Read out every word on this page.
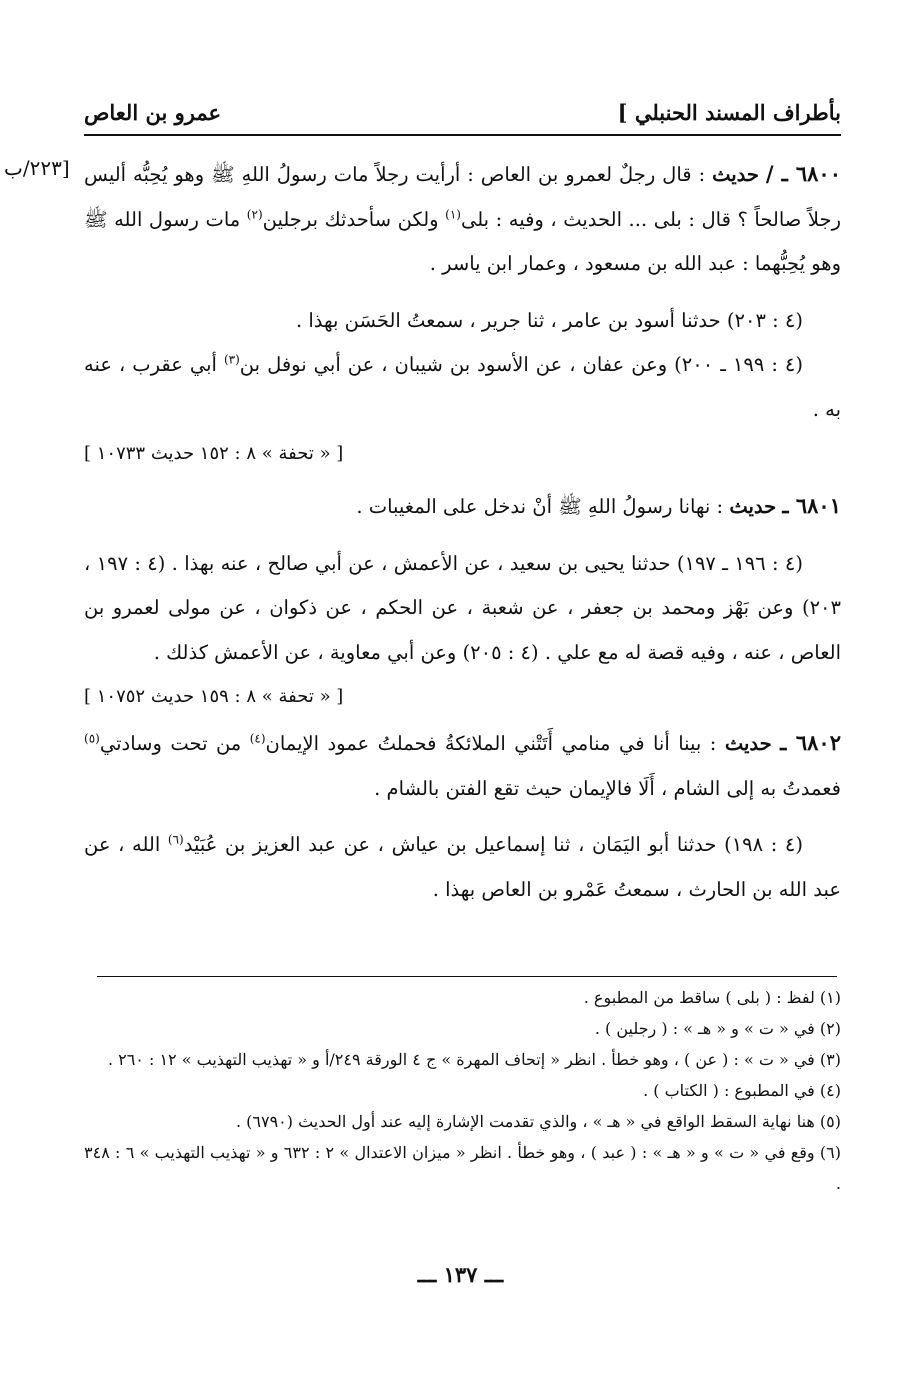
بأطراف المسند الحنبلي ]
عمرو بن العاص
[٢٢٣/ب	٦٨٠٠ ـ / حديث : قال رجلٌ لعمرو بن العاص : أرأيت رجلاً مات رسولُ اللهِ ﷺ وهو يُحِبُّه أليس رجلاً صالحاً ؟ قال : بلى ... الحديث ، وفيه : بلى$^{(١)}$ ولكن سأحدثك برجلين$^{(٢)}$ مات رسول الله ﷺ وهو يُحِبُّهما : عبد الله بن مسعود ، وعمار ابن ياسر .

(٤ : ٢٠٣) حدثنا أسود بن عامر ، ثنا جرير ، سمعتُ الحَسَن بهذا .

(٤ : ١٩٩ ـ ٢٠٠) وعن عفان ، عن الأسود بن شيبان ، عن أبي نوفل بن$^{(٣)}$ أبي عقرب ، عنه به .

[ « تحفة » ٨ : ١٥٢ حديث ١٠٧٣٣ ]

٦٨٠١ ـ حديث : نهانا رسولُ اللهِ ﷺ أنْ ندخل على المغيبات .

(٤ : ١٩٦ ـ ١٩٧) حدثنا يحيى بن سعيد ، عن الأعمش ، عن أبي صالح ، عنه بهذا . (٤ : ١٩٧ ، ٢٠٣) وعن بَهْز ومحمد بن جعفر ، عن شعبة ، عن الحكم ، عن ذكوان ، عن مولى لعمرو بن العاص ، عنه ، وفيه قصة له مع علي . (٤ : ٢٠٥) وعن أبي معاوية ، عن الأعمش كذلك .

[ « تحفة » ٨ : ١٥٩ حديث ١٠٧٥٢ ]

٦٨٠٢ ـ حديث : بينا أنا في منامي أَتَتْني الملائكةُ فحملتُ عمود الإيمان$^{(٤)}$ من تحت وسادتي$^{(٥)}$ فعمدتُ به إلى الشام ، أَلَا فالإيمان حيث تقع الفتن بالشام .

(٤ : ١٩٨) حدثنا أبو اليَمَان ، ثنا إسماعيل بن عياش ، عن عبد العزيز بن عُبَيْد$^{(٦)}$ الله ، عن عبد الله بن الحارث ، سمعتُ عَمْرو بن العاص بهذا .

(١) لفظ : ( بلى ) ساقط من المطبوع .

(٢) في « ت » و « هـ » : ( رجلين ) .

(٣) في « ت » : ( عن ) ، وهو خطأ . انظر « إتحاف المهرة » ج ٤ الورقة ٢٤٩/أ و « تهذيب التهذيب » ١٢ : ٢٦٠ .

(٤) في المطبوع : ( الكتاب ) .

(٥) هنا نهاية السقط الواقع في « هـ » ، والذي تقدمت الإشارة إليه عند أول الحديث (٦٧٩٠) .

(٦) وقع في « ت » و « هـ » : ( عبد ) ، وهو خطأ . انظر « ميزان الاعتدال » ٢ : ٦٣٢ و « تهذيب التهذيب » ٦ : ٣٤٨ .

ـــ ١٣٧ ـــ
